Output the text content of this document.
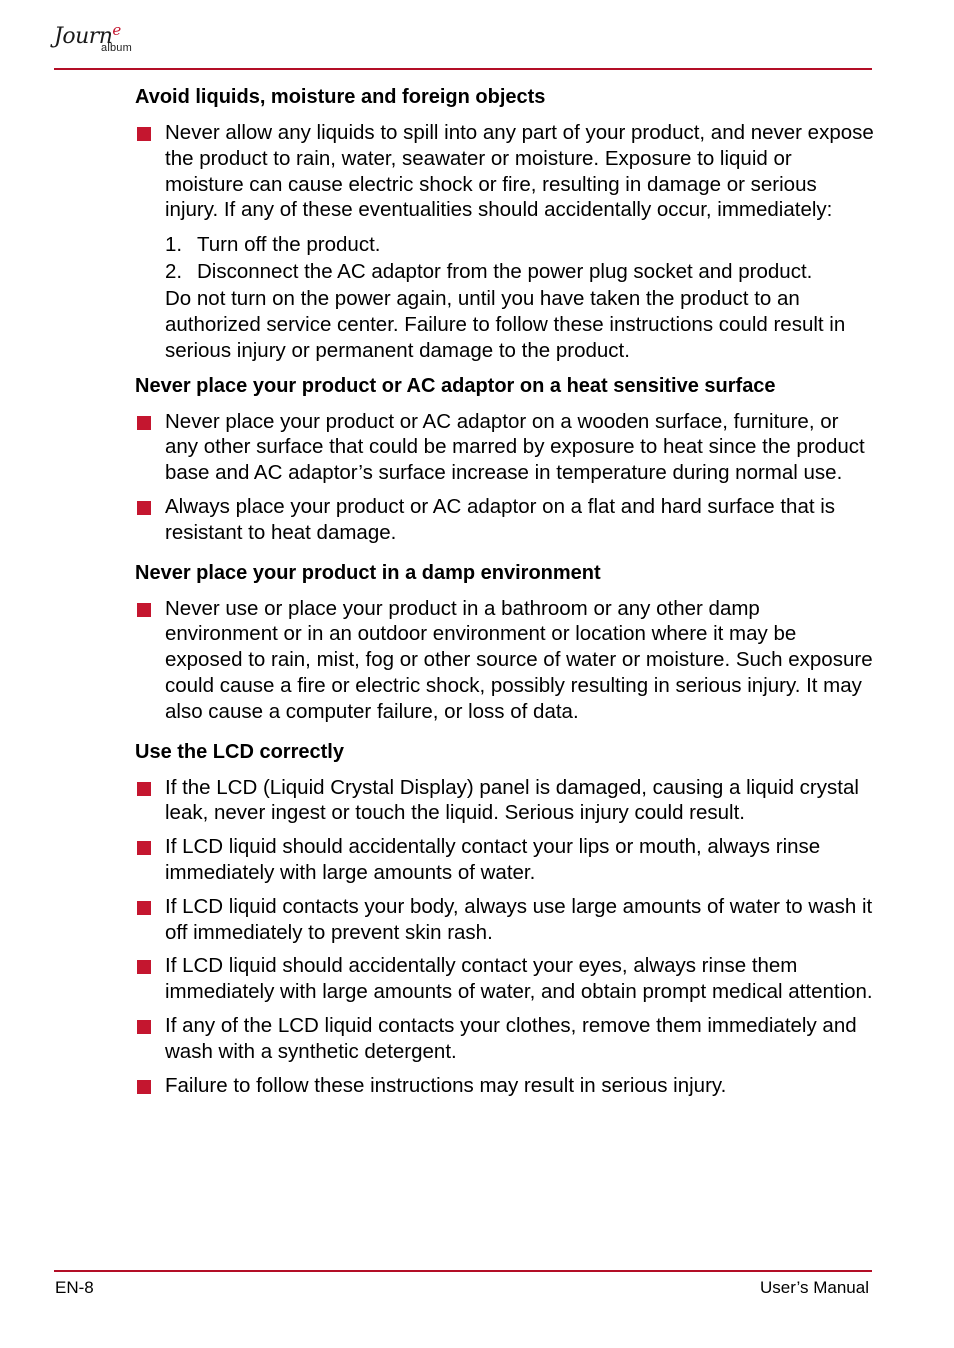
Journ$^e$
album
Avoid liquids, moisture and foreign objects
Never allow any liquids to spill into any part of your product, and never expose the product to rain, water, seawater or moisture. Exposure to liquid or moisture can cause electric shock or fire, resulting in damage or serious injury. If any of these eventualities should accidentally occur, immediately:
1. Turn off the product.
2. Disconnect the AC adaptor from the power plug socket and product.
Do not turn on the power again, until you have taken the product to an authorized service center. Failure to follow these instructions could result in serious injury or permanent damage to the product.
Never place your product or AC adaptor on a heat sensitive surface
Never place your product or AC adaptor on a wooden surface, furniture, or any other surface that could be marred by exposure to heat since the product base and AC adaptor’s surface increase in temperature during normal use.
Always place your product or AC adaptor on a flat and hard surface that is resistant to heat damage.
Never place your product in a damp environment
Never use or place your product in a bathroom or any other damp environment or in an outdoor environment or location where it may be exposed to rain, mist, fog or other source of water or moisture. Such exposure could cause a fire or electric shock, possibly resulting in serious injury. It may also cause a computer failure, or loss of data.
Use the LCD correctly
If the LCD (Liquid Crystal Display) panel is damaged, causing a liquid crystal leak, never ingest or touch the liquid. Serious injury could result.
If LCD liquid should accidentally contact your lips or mouth, always rinse immediately with large amounts of water.
If LCD liquid contacts your body, always use large amounts of water to wash it off immediately to prevent skin rash.
If LCD liquid should accidentally contact your eyes, always rinse them immediately with large amounts of water, and obtain prompt medical attention.
If any of the LCD liquid contacts your clothes, remove them immediately and wash with a synthetic detergent.
Failure to follow these instructions may result in serious injury.
EN-8	User’s Manual
